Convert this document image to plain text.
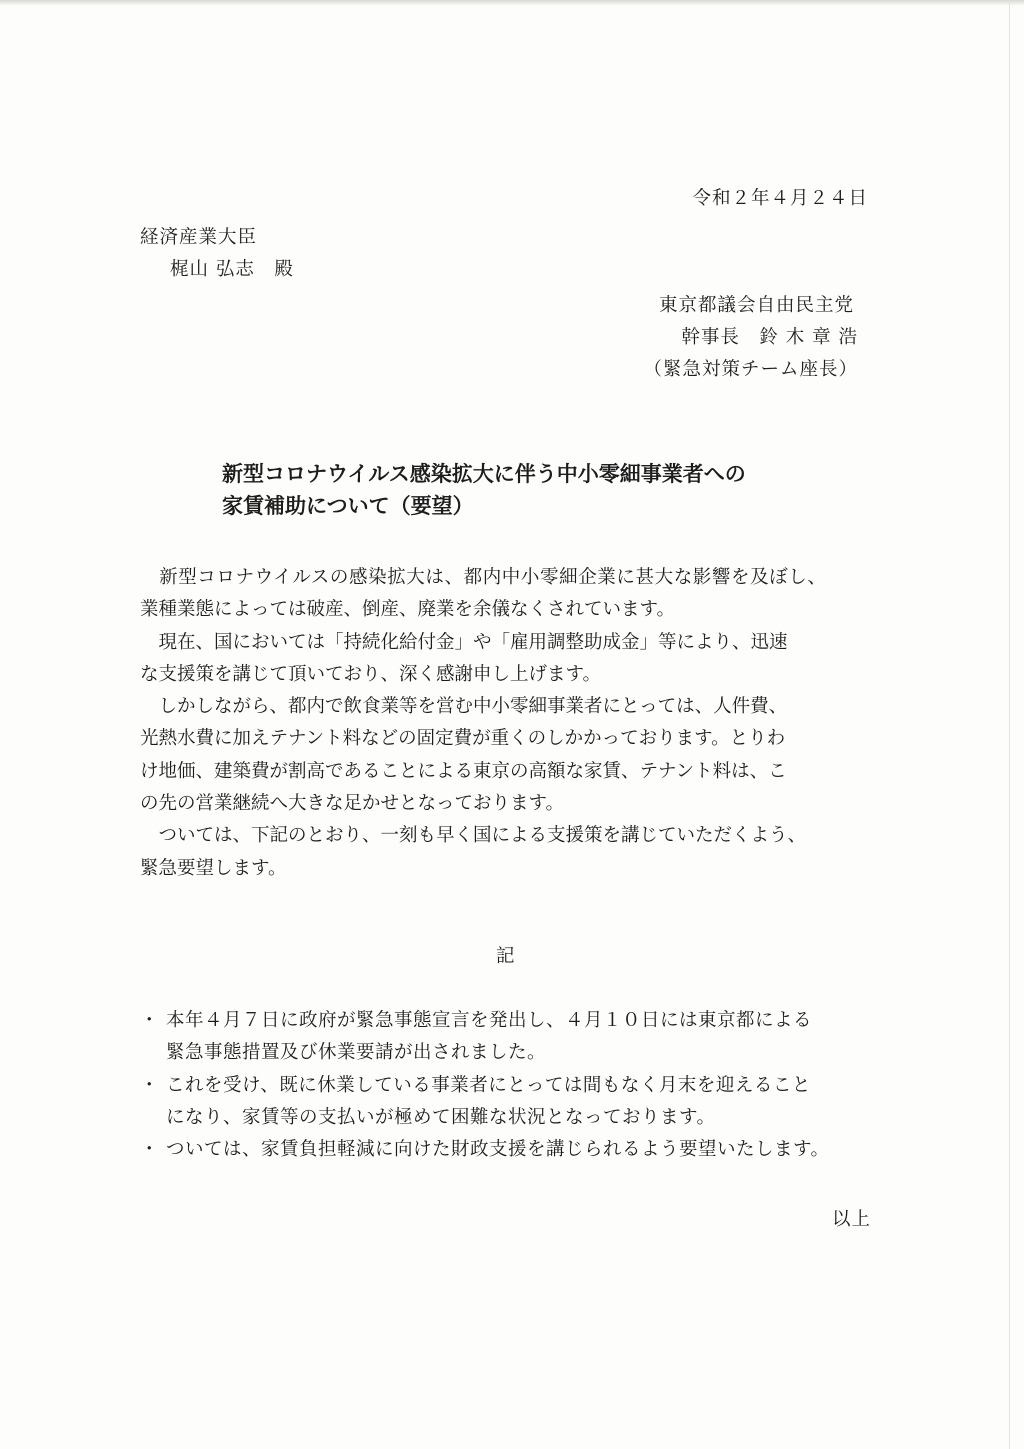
令和２年４月２４日
経済産業大臣
梶山 弘志　殿
東京都議会自由民主党
幹事長　鈴 木 章 浩
（緊急対策チーム座長）
新型コロナウイルス感染拡大に伴う中小零細事業者への
家賃補助について（要望）

　新型コロナウイルスの感染拡大は、都内中小零細企業に甚大な影響を及ぼし、
業種業態によっては破産、倒産、廃業を余儀なくされています。

　現在、国においては「持続化給付金」や「雇用調整助成金」等により、迅速
な支援策を講じて頂いており、深く感謝申し上げます。

　しかしながら、都内で飲食業等を営む中小零細事業者にとっては、人件費、
光熱水費に加えテナント料などの固定費が重くのしかかっております。とりわ
け地価、建築費が割高であることによる東京の高額な家賃、テナント料は、こ
の先の営業継続へ大きな足かせとなっております。

　ついては、下記のとおり、一刻も早く国による支援策を講じていただくよう、
緊急要望します。

記
・ 本年４月７日に政府が緊急事態宣言を発出し、４月１０日には東京都による
緊急事態措置及び休業要請が出されました。
・ これを受け、既に休業している事業者にとっては間もなく月末を迎えること
になり、家賃等の支払いが極めて困難な状況となっております。
・ ついては、家賃負担軽減に向けた財政支援を講じられるよう要望いたします。
以上
